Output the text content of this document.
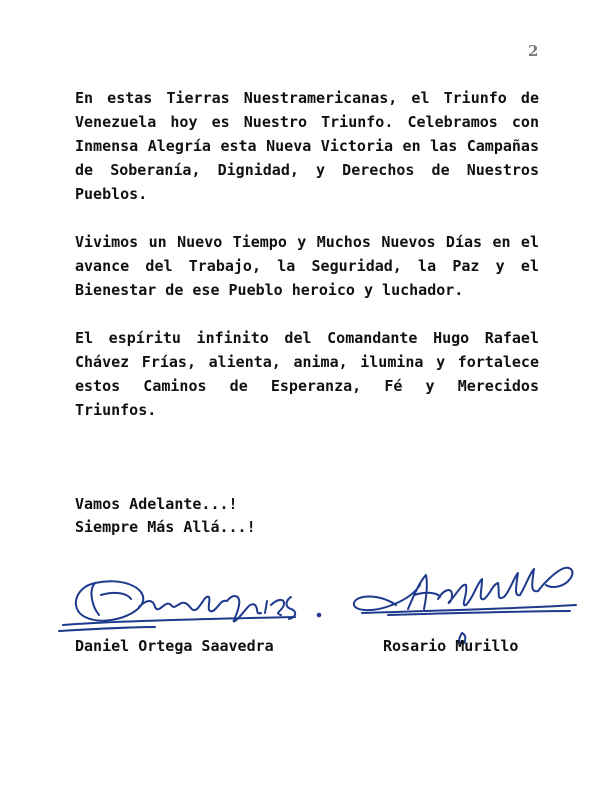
2

En estas Tierras Nuestramericanas, el Triunfo de Venezuela hoy es Nuestro Triunfo. Celebramos con Inmensa Alegría esta Nueva Victoria en las Campañas de Soberanía, Dignidad, y Derechos de Nuestros Pueblos.

Vivimos un Nuevo Tiempo y Muchos Nuevos Días en el avance del Trabajo, la Seguridad, la Paz y el Bienestar de ese Pueblo heroico y luchador.

El espíritu infinito del Comandante Hugo Rafael Chávez Frías, alienta, anima, ilumina y fortalece estos Caminos de Esperanza, Fé y Merecidos Triunfos.

Vamos Adelante...!
Siempre Más Allá...!
Daniel Ortega Saavedra	Rosario Murillo
